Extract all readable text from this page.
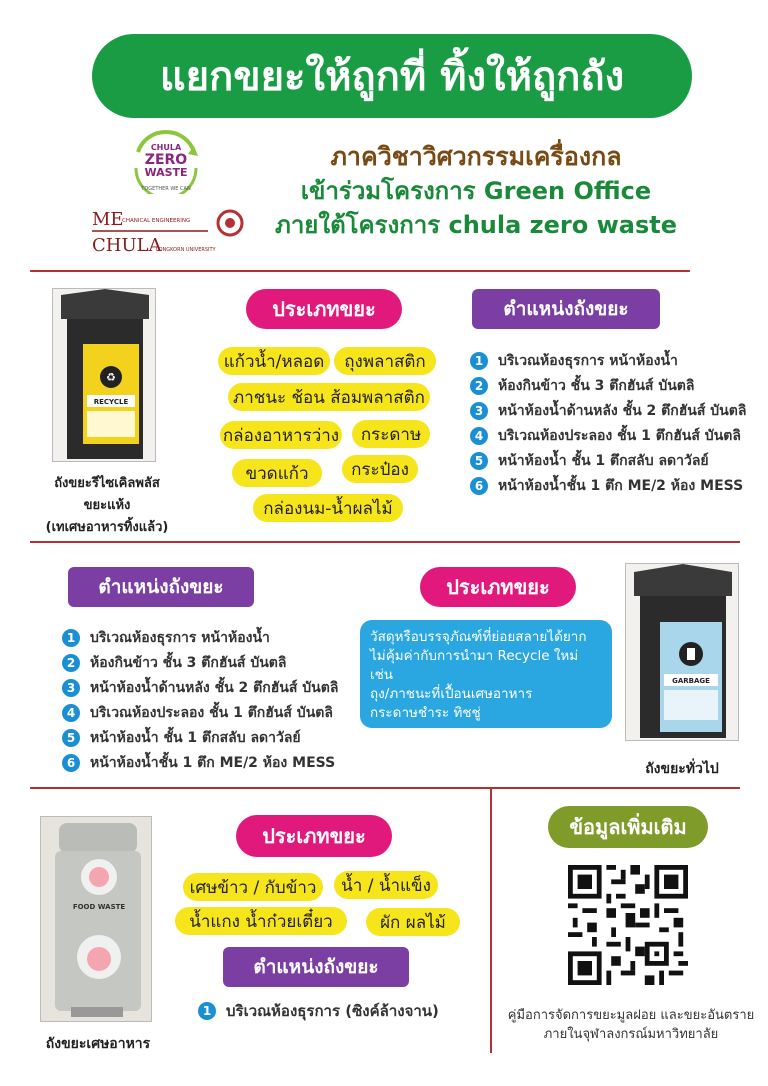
แยกขยะให้ถูกที่ ทิ้งให้ถูกถัง
CHULA
ZERO
WASTE
TOGETHER WE CAN
ME
CHANICAL ENGINEERING
CHULA
LONGKORN UNIVERSITY
ภาควิชาวิศวกรรมเครื่องกล
เข้าร่วมโครงการ Green Office
ภายใต้โครงการ chula zero waste
♻
RECYCLE
ถังขยะรีไซเคิลพลัส
ขยะแห้ง
(เทเศษอาหารทิ้งแล้ว)
ประเภทขยะ
แก้วน้ำ/หลอด	ถุงพลาสติก
ภาชนะ ช้อน ส้อมพลาสติก
กล่องอาหารว่าง	กระดาษ
ขวดแก้ว	กระป๋อง
กล่องนม-น้ำผลไม้
ตำแหน่งถังขยะ
1	บริเวณห้องธุรการ หน้าห้องน้ำ
2	ห้องกินข้าว ชั้น 3 ตึกฮันส์ บันตลิ
3	หน้าห้องน้ำด้านหลัง ชั้น 2 ตึกฮันส์ บันตลิ
4	บริเวณห้องประลอง ชั้น 1 ตึกฮันส์ บันตลิ
5	หน้าห้องน้ำ ชั้น 1 ตึกสลับ ลดาวัลย์
6	หน้าห้องน้ำชั้น 1 ตึก ME/2 ห้อง MESS
ตำแหน่งถังขยะ
1	บริเวณห้องธุรการ หน้าห้องน้ำ
2	ห้องกินข้าว ชั้น 3 ตึกฮันส์ บันตลิ
3	หน้าห้องน้ำด้านหลัง ชั้น 2 ตึกฮันส์ บันตลิ
4	บริเวณห้องประลอง ชั้น 1 ตึกฮันส์ บันตลิ
5	หน้าห้องน้ำ ชั้น 1 ตึกสลับ ลดาวัลย์
6	หน้าห้องน้ำชั้น 1 ตึก ME/2 ห้อง MESS
ประเภทขยะ
วัสดุหรือบรรจุภัณฑ์ที่ย่อยสลายได้ยาก
ไม่คุ้มค่ากับการนำมา Recycle ใหม่ เช่น
ถุง/ภาชนะที่เปื้อนเศษอาหาร
กระดาษชำระ ทิชชู่
GARBAGE
ถังขยะทั่วไป
FOOD WASTE
ถังขยะเศษอาหาร
ประเภทขยะ
เศษข้าว / กับข้าว	น้ำ / น้ำแข็ง
น้ำแกง น้ำก๋วยเตี๋ยว	ผัก ผลไม้
ตำแหน่งถังขยะ
1 บริเวณห้องธุรการ (ซิงค์ล้างจาน)
ข้อมูลเพิ่มเติม
คู่มือการจัดการขยะมูลฝอย และขยะอันตราย
ภายในจุฬาลงกรณ์มหาวิทยาลัย
